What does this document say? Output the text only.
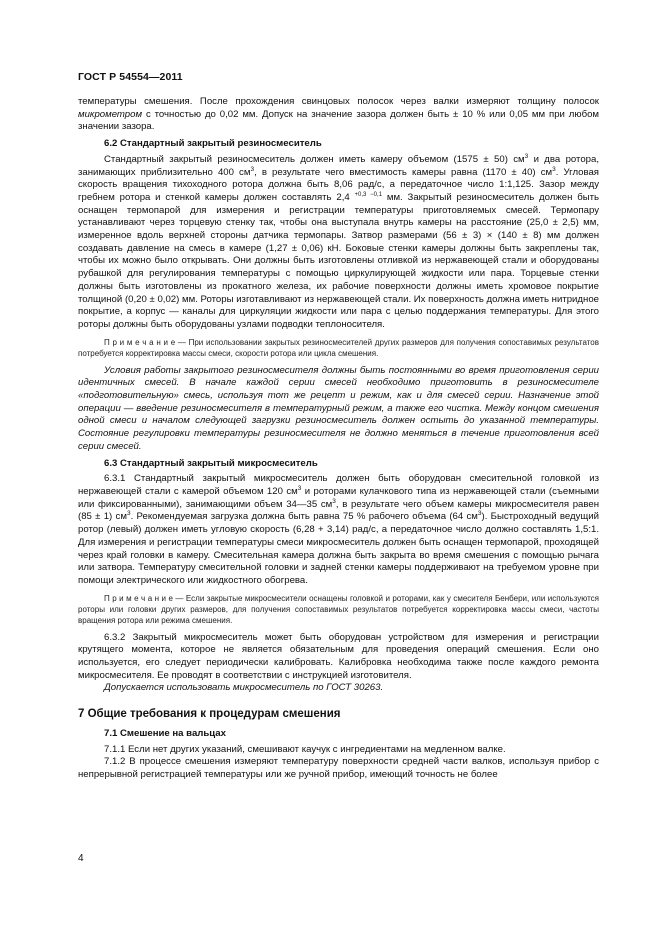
ГОСТ Р 54554—2011

температуры смешения. После прохождения свинцовых полосок через валки измеряют толщину полосок микрометром с точностью до 0,02 мм. Допуск на значение зазора должен быть ± 10 % или 0,05 мм при любом значении зазора.

6.2 Стандартный закрытый резиносмеситель

Стандартный закрытый резиносмеситель должен иметь камеру объемом (1575 ± 50) $см^3$ и два ротора, занимающих приблизительно 400 $см^3$, в результате чего вместимость камеры равна (1170 ± 40) $см^3$. Угловая скорость вращения тихоходного ротора должна быть 8,06 рад/с, а передаточное число 1:1,125. Зазор между гребнем ротора и стенкой камеры должен составлять 2,4 $^{+0,3 -0,1}$ мм. Закрытый резиносмеситель должен быть оснащен термопарой для измерения и регистрации температуры приготовляемых смесей. Термопару устанавливают через торцевую стенку так, чтобы она выступала внутрь камеры на расстояние (25,0 ± 2,5) мм, измеренное вдоль верхней стороны датчика термопары. Затвор размерами (56 ± 3) × (140 ± 8) мм должен создавать давление на смесь в камере (1,27 ± 0,06) кН. Боковые стенки камеры должны быть закреплены так, чтобы их можно было открывать. Они должны быть изготовлены отливкой из нержавеющей стали и оборудованы рубашкой для регулирования температуры с помощью циркулирующей жидкости или пара. Торцевые стенки должны быть изготовлены из прокатного железа, их рабочие поверхности должны иметь хромовое покрытие толщиной (0,20 ± 0,02) мм. Роторы изготавливают из нержавеющей стали. Их поверхность должна иметь нитридное покрытие, а корпус — каналы для циркуляции жидкости или пара с целью поддержания температуры. Для этого роторы должны быть оборудованы узлами подводки теплоносителя.

П р и м е ч а н и е — При использовании закрытых резиносмесителей других размеров для получения сопоставимых результатов потребуется корректировка массы смеси, скорости ротора или цикла смешения.

Условия работы закрытого резиносмесителя должны быть постоянными во время приготовления серии идентичных смесей. В начале каждой серии смесей необходимо приготовить в резиносмесителе «подготовительную» смесь, используя тот же рецепт и режим, как и для смесей серии. Назначение этой операции — введение резиносмесителя в температурный режим, а также его чистка. Между концом смешения одной смеси и началом следующей загрузки резиносмеситель должен остыть до указанной температуры. Состояние регулировки температуры резиносмесителя не должно меняться в течение приготовления всей серии смесей.

6.3 Стандартный закрытый микросмеситель

6.3.1 Стандартный закрытый микросмеситель должен быть оборудован смесительной головкой из нержавеющей стали с камерой объемом 120 $см^3$ и роторами кулачкового типа из нержавеющей стали (съемными или фиксированными), занимающими объем 34—35 $см^3$, в результате чего объем камеры микросмесителя равен (85 ± 1) $см^3$. Рекомендуемая загрузка должна быть равна 75 % рабочего объема (64 $см^3$). Быстроходный ведущий ротор (левый) должен иметь угловую скорость (6,28 + 3,14) рад/с, а передаточное число должно составлять 1,5:1. Для измерения и регистрации температуры смеси микросмеситель должен быть оснащен термопарой, проходящей через край головки в камеру. Смесительная камера должна быть закрыта во время смешения с помощью рычага или затвора. Температуру смесительной головки и задней стенки камеры поддерживают на требуемом уровне при помощи электрического или жидкостного обогрева.

П р и м е ч а н и е — Если закрытые микросмесители оснащены головкой и роторами, как у смесителя Бенбери, или используются роторы или головки других размеров, для получения сопоставимых результатов потребуется корректировка массы смеси, частоты вращения ротора или режима смешения.

6.3.2 Закрытый микросмеситель может быть оборудован устройством для измерения и регистрации крутящего момента, которое не является обязательным для проведения операций смешения. Если оно используется, его следует периодически калибровать. Калибровка необходима также после каждого ремонта микросмесителя. Ее проводят в соответствии с инструкцией изготовителя.

Допускается использовать микросмеситель по ГОСТ 30263.

7 Общие требования к процедурам смешения

7.1 Смешение на вальцах

7.1.1 Если нет других указаний, смешивают каучук с ингредиентами на медленном валке.

7.1.2 В процессе смешения измеряют температуру поверхности средней части валков, используя прибор с непрерывной регистрацией температуры или же ручной прибор, имеющий точность не более

4
